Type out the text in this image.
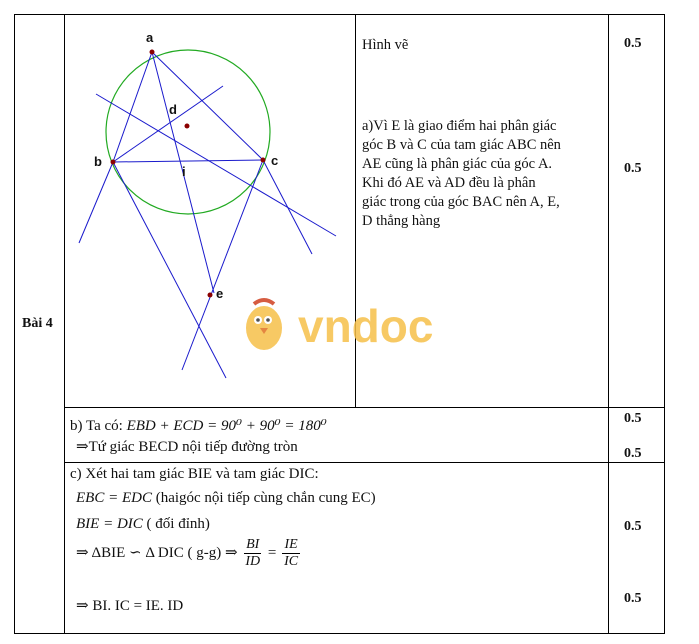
Bài 4
a
b	c
d
i
e
vndoc
Hình vẽ
a)Vì E là giao điểm hai phân giác
góc B và C của tam giác ABC nên
AE cũng là phân giác của góc A.
Khi đó AE và AD đều là phân
giác trong của góc BAC nên A, E,
D thẳng hàng
b) Ta có: EBD + ECD = 90⁰ + 90⁰ = 180⁰
⇒Tứ giác BECD nội tiếp đường tròn
c) Xét hai tam giác BIE và tam giác DIC:
EBC = EDC (haigóc nội tiếp cùng chắn cung EC)
BIE = DIC ( đối đỉnh)
⇒ ΔBIE ∽ Δ DIC ( g-g) ⇒ $\frac{BI}{ID} = \frac{IE}{IC}$
⇒ BI. IC = IE. ID
0.5
0.5
0.5
0.5
0.5
0.5
